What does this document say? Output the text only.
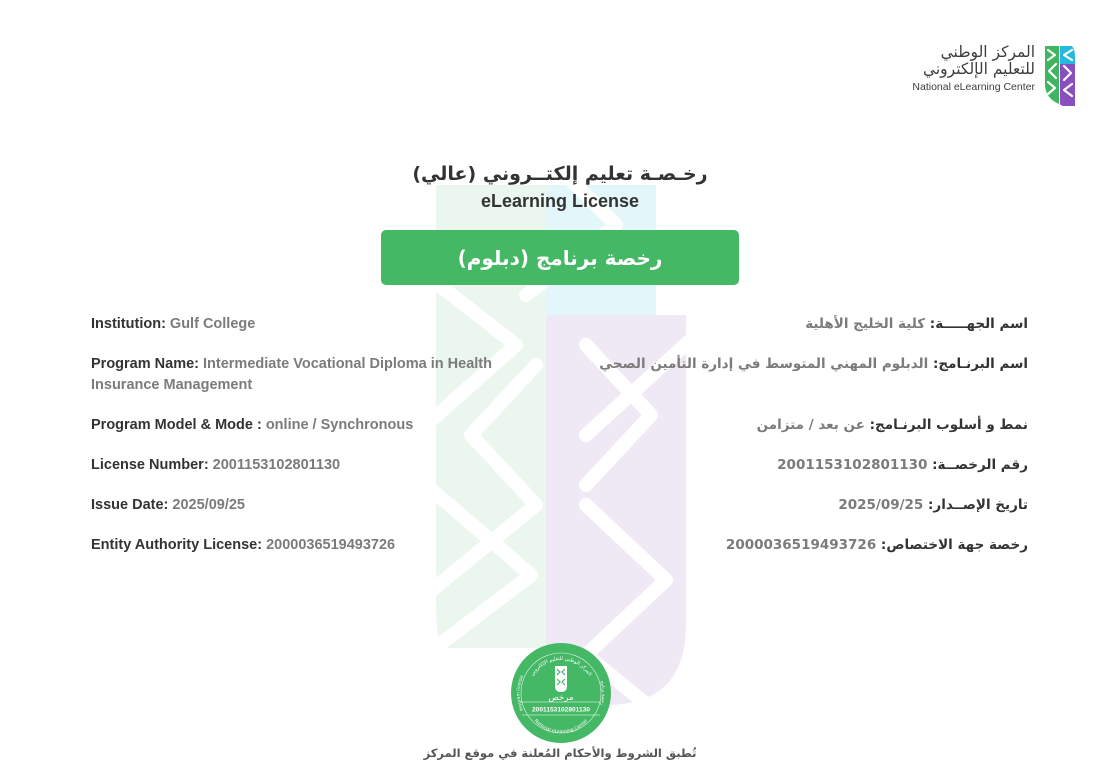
المركز الوطني
للتعليم الإلكتروني
National eLearning Center
رخـصـة تعليم إلكتــروني (عالي)
eLearning License
رخصة برنامج (دبلوم)
Institution: Gulf College
Program Name: Intermediate Vocational Diploma in Health Insurance Management
Program Model & Mode : online / Synchronous
License Number: 2001153102801130
Issue Date: 2025/09/25
Entity Authority License: 2000036519493726
اسم الجهـــــة: كلية الخليج الأهلية
اسم البرنـامج: الدبلوم المهني المتوسط في إدارة التأمين الصحي
نمط و أسلوب البرنـامج: عن بعد / متزامن
رقم الرخصــة: 2001153102801130
تاريخ الإصــدار: 2025/09/25
رخصة جهة الاختصاص: 2000036519493726
المركز الوطني للتعليم الإلكتروني
National eLearning Center
Program license
رخصة برنامج
مرخص
2001153102801130
تُطبق الشروط والأحكام المُعلنة في موقع المركز
